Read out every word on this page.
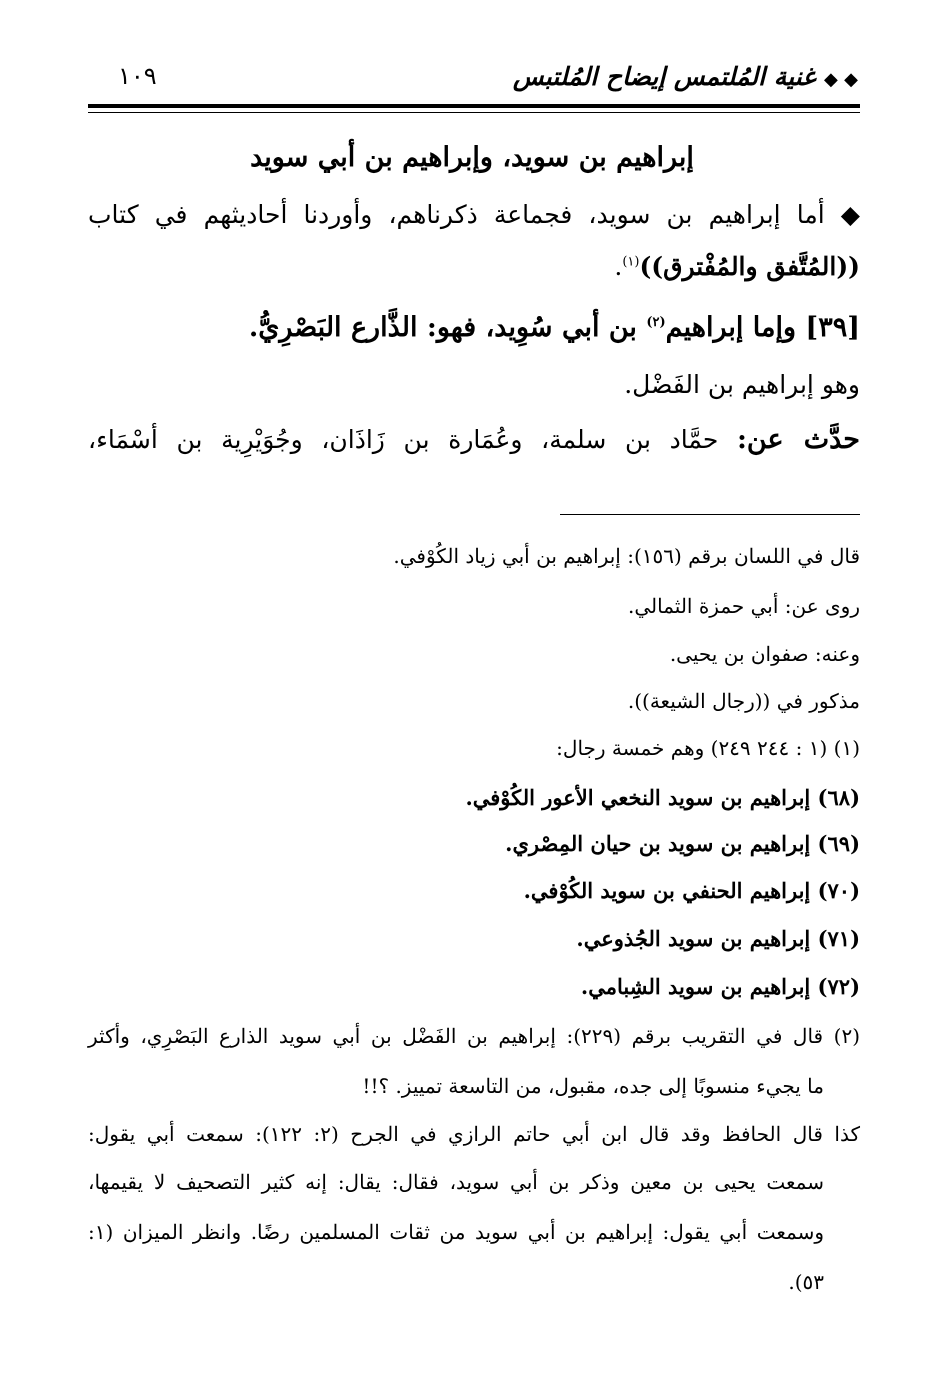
◆ ◆ غنية المُلتمس إيضاح المُلتبس
١٠٩
إبراهيم بن سويد، وإبراهيم بن أبي سويد
◆ أما إبراهيم بن سويد، فجماعة ذكرناهم، وأوردنا أحاديثهم في كتاب
((المُتَّفق والمُفْترق))$^{(١)}$.
[٣٩] وإما إبراهيم$^{(٢)}$ بن أبي سُوِيد، فهو: الذَّارع البَصْرِيُّ.
وهو إبراهيم بن الفَضْل.
حدَّث عن: حمَّاد بن سلمة، وعُمَارة بن زَاذَان، وجُوَيْرِية بن أسْمَاء،
قال في اللسان برقم (١٥٦): إبراهيم بن أبي زياد الكُوْفي.
روى عن: أبي حمزة الثمالي.
وعنه: صفوان بن يحيى.
مذكور في ((رجال الشيعة)).
(١) (١ : ٢٤٤ ٢٤٩) وهم خمسة رجال:
(٦٨) إبراهيم بن سويد النخعي الأعور الكُوْفي.
(٦٩) إبراهيم بن سويد بن حيان المِصْري.
(٧٠) إبراهيم الحنفي بن سويد الكُوْفي.
(٧١) إبراهيم بن سويد الجُذوعي.
(٧٢) إبراهيم بن سويد الشِبامي.
(٢) قال في التقريب برقم (٢٢٩): إبراهيم بن الفَضْل بن أبي سويد الذارع البَصْرِي، وأكثر
ما يجيء منسوبًا إلى جده، مقبول، من التاسعة تمييز. ؟!!
كذا قال الحافظ وقد قال ابن أبي حاتم الرازي في الجرح (٢: ١٢٢): سمعت أبي يقول:
سمعت يحيى بن معين وذكر بن أبي سويد، فقال: يقال: إنه كثير التصحيف لا يقيمها،
وسمعت أبي يقول: إبراهيم بن أبي سويد من ثقات المسلمين رضًا. وانظر الميزان (١:
٥٣).
